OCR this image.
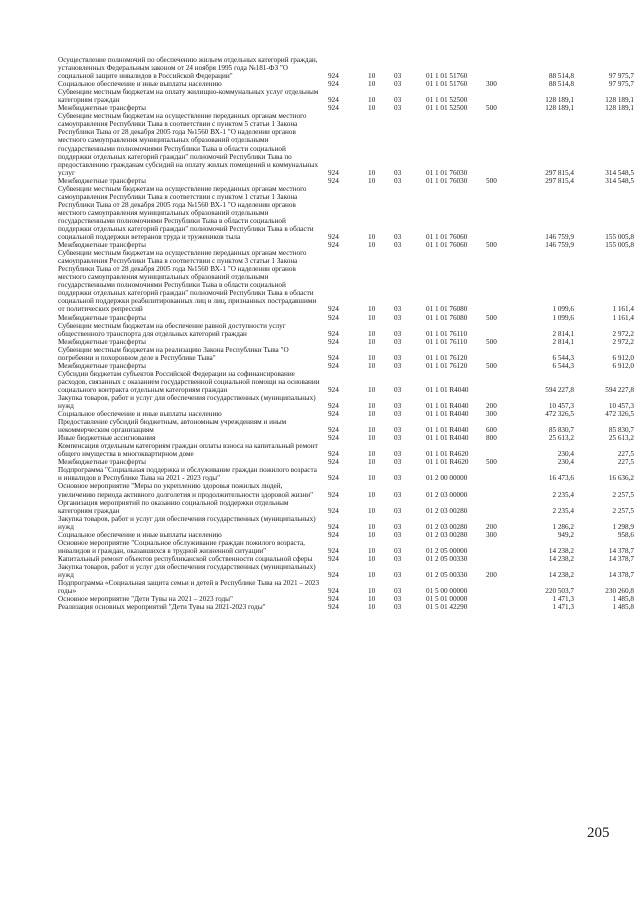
Осуществление полномочий по обеспечению жильем отдельных категорий граждан, установленных Федеральным законом от 24 ноября 1995 года №181-ФЗ "О социальной защите инвалидов в Российской Федерации"	924	10	03	01 1 01 51760		88 514,8	97 975,7
Социальное обеспечение и иные выплаты населению	924	10	03	01 1 01 51760	300	88 514,8	97 975,7
Субвенции местным бюджетам на оплату жилищно-коммунальных услуг отдельным категориям граждан	924	10	03	01 1 01 52500		128 189,1	128 189,1
Межбюджетные трансферты	924	10	03	01 1 01 52500	500	128 189,1	128 189,1
Субвенции местным бюджетам на осуществление переданных органам местного самоуправления Республики Тыва в соответствии с пунктом 5 статьи 1 Закона Республики Тыва от 28 декабря 2005 года №1560 ВХ-1 "О наделении органов местного самоуправления муниципальных образований отдельными государственными полномочиями Республики Тыва в области социальной поддержки отдельных категорий граждан" полномочий Республики Тыва по предоставлению гражданам субсидий на оплату жилых помещений и коммунальных услуг	924	10	03	01 1 01 76030		297 815,4	314 548,5
Межбюджетные трансферты	924	10	03	01 1 01 76030	500	297 815,4	314 548,5
Субвенции местным бюджетам на осуществление переданных органам местного самоуправления Республики Тыва в соответствии с пунктом 1 статьи 1 Закона Республики Тыва от 28 декабря 2005 года №1560 ВХ-1 "О наделении органов местного самоуправления муниципальных образований отдельными государственными полномочиями Республики Тыва в области социальной поддержки отдельных категорий граждан" полномочий Республики Тыва в области социальной поддержки ветеранов труда и тружеников тыла	924	10	03	01 1 01 76060		146 759,9	155 005,8
Межбюджетные трансферты	924	10	03	01 1 01 76060	500	146 759,9	155 005,8
Субвенции местным бюджетам на осуществление переданных органам местного самоуправления Республики Тыва в соответствии с пунктом 3 статьи 1 Закона Республики Тыва от 28 декабря 2005 года №1560 ВХ-1 "О наделении органов местного самоуправления муниципальных образований отдельными государственными полномочиями Республики Тыва в области социальной поддержки отдельных категорий граждан" полномочий Республики Тыва в области социальной поддержки реабилитированных лиц и лиц, признанных пострадавшими от политических репрессий	924	10	03	01 1 01 76080		1 099,6	1 161,4
Межбюджетные трансферты	924	10	03	01 1 01 76080	500	1 099,6	1 161,4
Субвенции местным бюджетам на обеспечение равной доступности услуг общественного транспорта для отдельных категорий граждан	924	10	03	01 1 01 76110		2 814,1	2 972,2
Межбюджетные трансферты	924	10	03	01 1 01 76110	500	2 814,1	2 972,2
Субвенции местным бюджетам на реализацию Закона Республики Тыва "О погребении и похоронном деле в Республике Тыва"	924	10	03	01 1 01 76120		6 544,3	6 912,0
Межбюджетные трансферты	924	10	03	01 1 01 76120	500	6 544,3	6 912,0
Субсидии бюджетам субъектов Российской Федерации на софинансирование расходов, связанных с оказанием государственной социальной помощи на основании социального контракта отдельным категориям граждан	924	10	03	01 1 01 R4040		594 227,8	594 227,8
Закупка товаров, работ и услуг для обеспечения государственных (муниципальных) нужд	924	10	03	01 1 01 R4040	200	10 457,3	10 457,3
Социальное обеспечение и иные выплаты населению	924	10	03	01 1 01 R4040	300	472 326,5	472 326,5
Предоставление субсидий бюджетным, автономным учреждениям и иным некоммерческим организациям	924	10	03	01 1 01 R4040	600	85 830,7	85 830,7
Иные бюджетные ассигнования	924	10	03	01 1 01 R4040	800	25 613,2	25 613,2
Компенсация отдельным категориям граждан оплаты взноса на капитальный ремонт общего имущества в многоквартирном доме	924	10	03	01 1 01 R4620		230,4	227,5
Межбюджетные трансферты	924	10	03	01 1 01 R4620	500	230,4	227,5
Подпрограмма "Социальная поддержка и обслуживание граждан пожилого возраста и инвалидов в Республике Тыва на 2021 - 2023 годы"	924	10	03	01 2 00 00000		16 473,6	16 636,2
Основное мероприятие "Меры по укреплению здоровья пожилых людей, увеличению периода активного долголетия и продолжительности здоровой жизни"	924	10	03	01 2 03 00000		2 235,4	2 257,5
Организация мероприятий по оказанию социальной поддержки отдельным категориям граждан	924	10	03	01 2 03 00280		2 235,4	2 257,5
Закупка товаров, работ и услуг для обеспечения государственных (муниципальных) нужд	924	10	03	01 2 03 00280	200	1 286,2	1 298,9
Социальное обеспечение и иные выплаты населению	924	10	03	01 2 03 00280	300	949,2	958,6
Основное мероприятие "Социальное обслуживание граждан пожилого возраста, инвалидов и граждан, оказавшихся в трудной жизненной ситуации"	924	10	03	01 2 05 00000		14 238,2	14 378,7
Капитальный ремонт объектов республиканской собственности социальной сферы	924	10	03	01 2 05 00330		14 238,2	14 378,7
Закупка товаров, работ и услуг для обеспечения государственных (муниципальных) нужд	924	10	03	01 2 05 00330	200	14 238,2	14 378,7
Подпрограмма «Социальная защита семьи и детей в Республике Тыва на 2021 – 2023 годы»	924	10	03	01 5 00 00000		220 503,7	230 260,8
Основное мероприятие "Дети Тувы на 2021 – 2023 годы"	924	10	03	01 5 01 00000		1 471,3	1 485,8
Реализация основных мероприятий "Дети Тувы на 2021-2023 годы"	924	10	03	01 5 01 42290		1 471,3	1 485,8
205
